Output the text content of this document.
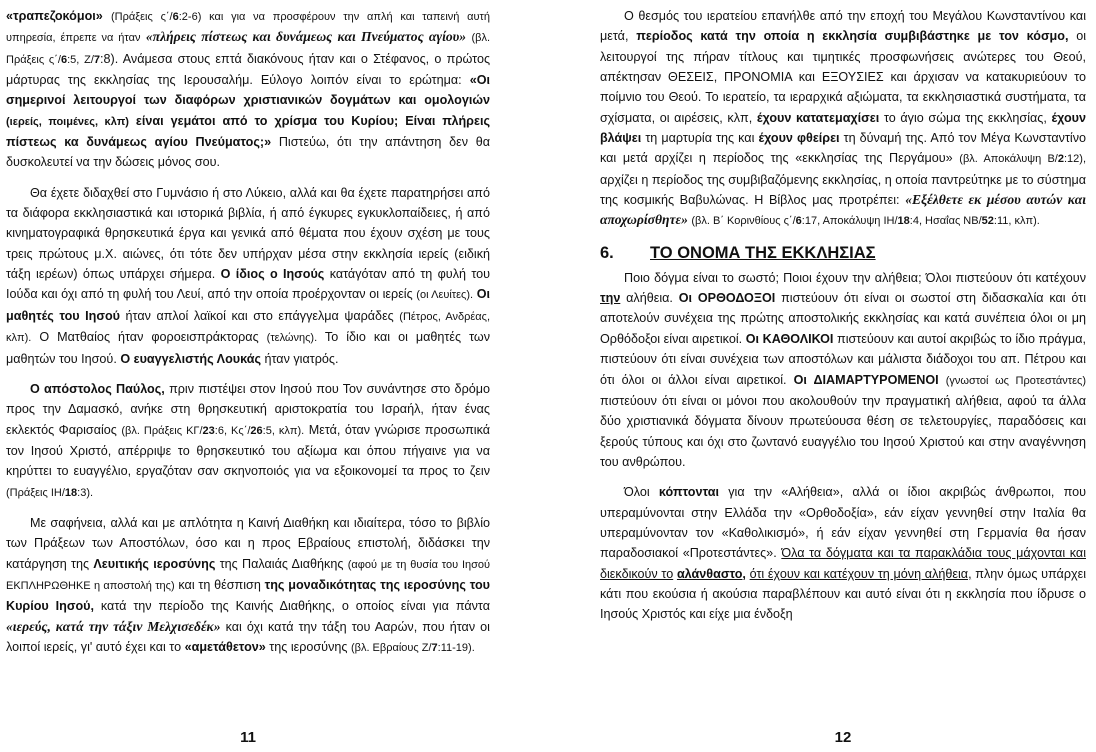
«τραπεζοκόμοι» (Πράξεις ς΄/6:2-6) και για να προσφέρουν την απλή και ταπεινή αυτή υπηρεσία, έπρεπε να ήταν «πλήρεις πίστεως και δυνάμεως και Πνεύματος αγίου» (βλ. Πράξεις ς΄/6:5, Ζ/7:8). Ανάμεσα στους επτά διακόνους ήταν και ο Στέφανος, ο πρώτος μάρτυρας της εκκλησίας της Ιερουσαλήμ. Εύλογο λοιπόν είναι το ερώτημα: «Οι σημερινοί λειτουργοί των διαφόρων χριστιανικών δογμάτων και ομολογιών (ιερείς, ποιμένες, κλπ) είναι γεμάτοι από το χρίσμα του Κυρίου; Είναι πλήρεις πίστεως κα δυνάμεως αγίου Πνεύματος;» Πιστεύω, ότι την απάντηση δεν θα δυσκολευτεί να την δώσεις μόνος σου.

Θα έχετε διδαχθεί στο Γυμνάσιο ή στο Λύκειο, αλλά και θα έχετε παρατηρήσει από τα διάφορα εκκλησιαστικά και ιστορικά βιβλία, ή από έγκυρες εγκυκλοπαίδειες, ή από κινηματογραφικά θρησκευτικά έργα και γενικά από θέματα που έχουν σχέση με τους τρεις πρώτους μ.Χ. αιώνες, ότι τότε δεν υπήρχαν μέσα στην εκκλησία ιερείς (ειδική τάξη ιερέων) όπως υπάρχει σήμερα. Ο ίδιος ο Ιησούς κατάγόταν από τη φυλή του Ιούδα και όχι από τη φυλή του Λευί, από την οποία προέρχονταν οι ιερείς (οι Λευίτες). Οι μαθητές του Ιησού ήταν απλοί λαϊκοί και στο επάγγελμα ψαράδες (Πέτρος, Ανδρέας, κλπ). Ο Ματθαίος ήταν φοροεισπράκτορας (τελώνης). Το ίδιο και οι μαθητές των μαθητών του Ιησού. Ο ευαγγελιστής Λουκάς ήταν γιατρός.

Ο απόστολος Παύλος, πριν πιστέψει στον Ιησού που Τον συνάντησε στο δρόμο προς την Δαμασκό, ανήκε στη θρησκευτική αριστοκρατία του Ισραήλ, ήταν ένας εκλεκτός Φαρισαίος (βλ. Πράξεις ΚΓ/23:6, Κς΄/26:5, κλπ). Μετά, όταν γνώρισε προσωπικά τον Ιησού Χριστό, απέρριψε το θρησκευτικό του αξίωμα και όπου πήγαινε για να κηρύττει το ευαγγέλιο, εργαζόταν σαν σκηνοποιός για να εξοικονομεί τα προς το ζειν (Πράξεις ΙΗ/18:3).

Με σαφήνεια, αλλά και με απλότητα η Καινή Διαθήκη και ιδιαίτερα, τόσο το βιβλίο των Πράξεων των Αποστόλων, όσο και η προς Εβραίους επιστολή, διδάσκει την κατάργηση της Λευιτικής ιεροσύνης της Παλαιάς Διαθήκης (αφού με τη θυσία του Ιησού ΕΚΠΛΗΡΩΘΗΚΕ η αποστολή της) και τη θέσπιση της μοναδικότητας της ιεροσύνης του Κυρίου Ιησού, κατά την περίοδο της Καινής Διαθήκης, ο οποίος είναι για πάντα «ιερεύς, κατά την τάξιν Μελχισεδέκ» και όχι κατά την τάξη του Ααρών, που ήταν οι λοιποί ιερείς, γι' αυτό έχει και το «αμετάθετον» της ιεροσύνης (βλ. Εβραίους Ζ/7:11-19).

11

Ο θεσμός του ιερατείου επανήλθε από την εποχή του Μεγάλου Κωνσταντίνου και μετά, περίοδος κατά την οποία η εκκλησία συμβιβάστηκε με τον κόσμο, οι λειτουργοί της πήραν τίτλους και τιμητικές προσφωνήσεις ανώτερες του Θεού, απέκτησαν ΘΕΣΕΙΣ, ΠΡΟΝΟΜΙΑ και ΕΞΟΥΣΙΕΣ και άρχισαν να κατακυριεύουν το ποίμνιο του Θεού. Το ιερατείο, τα ιεραρχικά αξιώματα, τα εκκλησιαστικά συστήματα, τα σχίσματα, οι αιρέσεις, κλπ, έχουν κατατεμαχίσει το άγιο σώμα της εκκλησίας, έχουν βλάψει τη μαρτυρία της και έχουν φθείρει τη δύναμή της. Από τον Μέγα Κωνσταντίνο και μετά αρχίζει η περίοδος της «εκκλησίας της Περγάμου» (βλ. Αποκάλυψη Β/2:12), αρχίζει η περίοδος της συμβιβαζόμενης εκκλησίας, η οποία παντρεύτηκε με το σύστημα της κοσμικής Βαβυλώνας. Η Βίβλος μας προτρέπει: «Εξέλθετε εκ μέσου αυτών και αποχωρίσθητε» (βλ. Β΄ Κορινθίους ς΄/6:17, Αποκάλυψη ΙΗ/18:4, Ησαΐας ΝΒ/52:11, κλπ).

6. ΤΟ ΟΝΟΜΑ ΤΗΣ ΕΚΚΛΗΣΙΑΣ

Ποιο δόγμα είναι το σωστό; Ποιοι έχουν την αλήθεια; Όλοι πιστεύουν ότι κατέχουν την αλήθεια. Οι ΟΡΘΟΔΟΞΟΙ πιστεύουν ότι είναι οι σωστοί στη διδασκαλία και ότι αποτελούν συνέχεια της πρώτης αποστολικής εκκλησίας και κατά συνέπεια όλοι οι μη Ορθόδοξοι είναι αιρετικοί. Οι ΚΑΘΟΛΙΚΟΙ πιστεύουν και αυτοί ακριβώς το ίδιο πράγμα, πιστεύουν ότι είναι συνέχεια των αποστόλων και μάλιστα διάδοχοι του απ. Πέτρου και ότι όλοι οι άλλοι είναι αιρετικοί. Οι ΔΙΑΜΑΡΤΥΡΟΜΕΝΟΙ (γνωστοί ως Προτεστάντες) πιστεύουν ότι είναι οι μόνοι που ακολουθούν την πραγματική αλήθεια, αφού τα άλλα δύο χριστιανικά δόγματα δίνουν πρωτεύουσα θέση σε τελετουργίες, παραδόσεις και ξερούς τύπους και όχι στο ζωντανό ευαγγέλιο του Ιησού Χριστού και στην αναγέννηση του ανθρώπου.

Όλοι κόπτονται για την «Αλήθεια», αλλά οι ίδιοι ακριβώς άνθρωποι, που υπεραμύνονται στην Ελλάδα την «Ορθοδοξία», εάν είχαν γεννηθεί στην Ιταλία θα υπεραμύνονταν τον «Καθολικισμό», ή εάν είχαν γεννηθεί στη Γερμανία θα ήσαν παραδοσιακοί «Προτεστάντες». Όλα τα δόγματα και τα παρακλάδια τους μάχονται και διεκδικούν το αλάνθαστο, ότι έχουν και κατέχουν τη μόνη αλήθεια, πλην όμως υπάρχει κάτι που εκούσια ή ακούσια παραβλέπουν και αυτό είναι ότι η εκκλησία που ίδρυσε ο Ιησούς Χριστός και είχε μια ένδοξη

12
